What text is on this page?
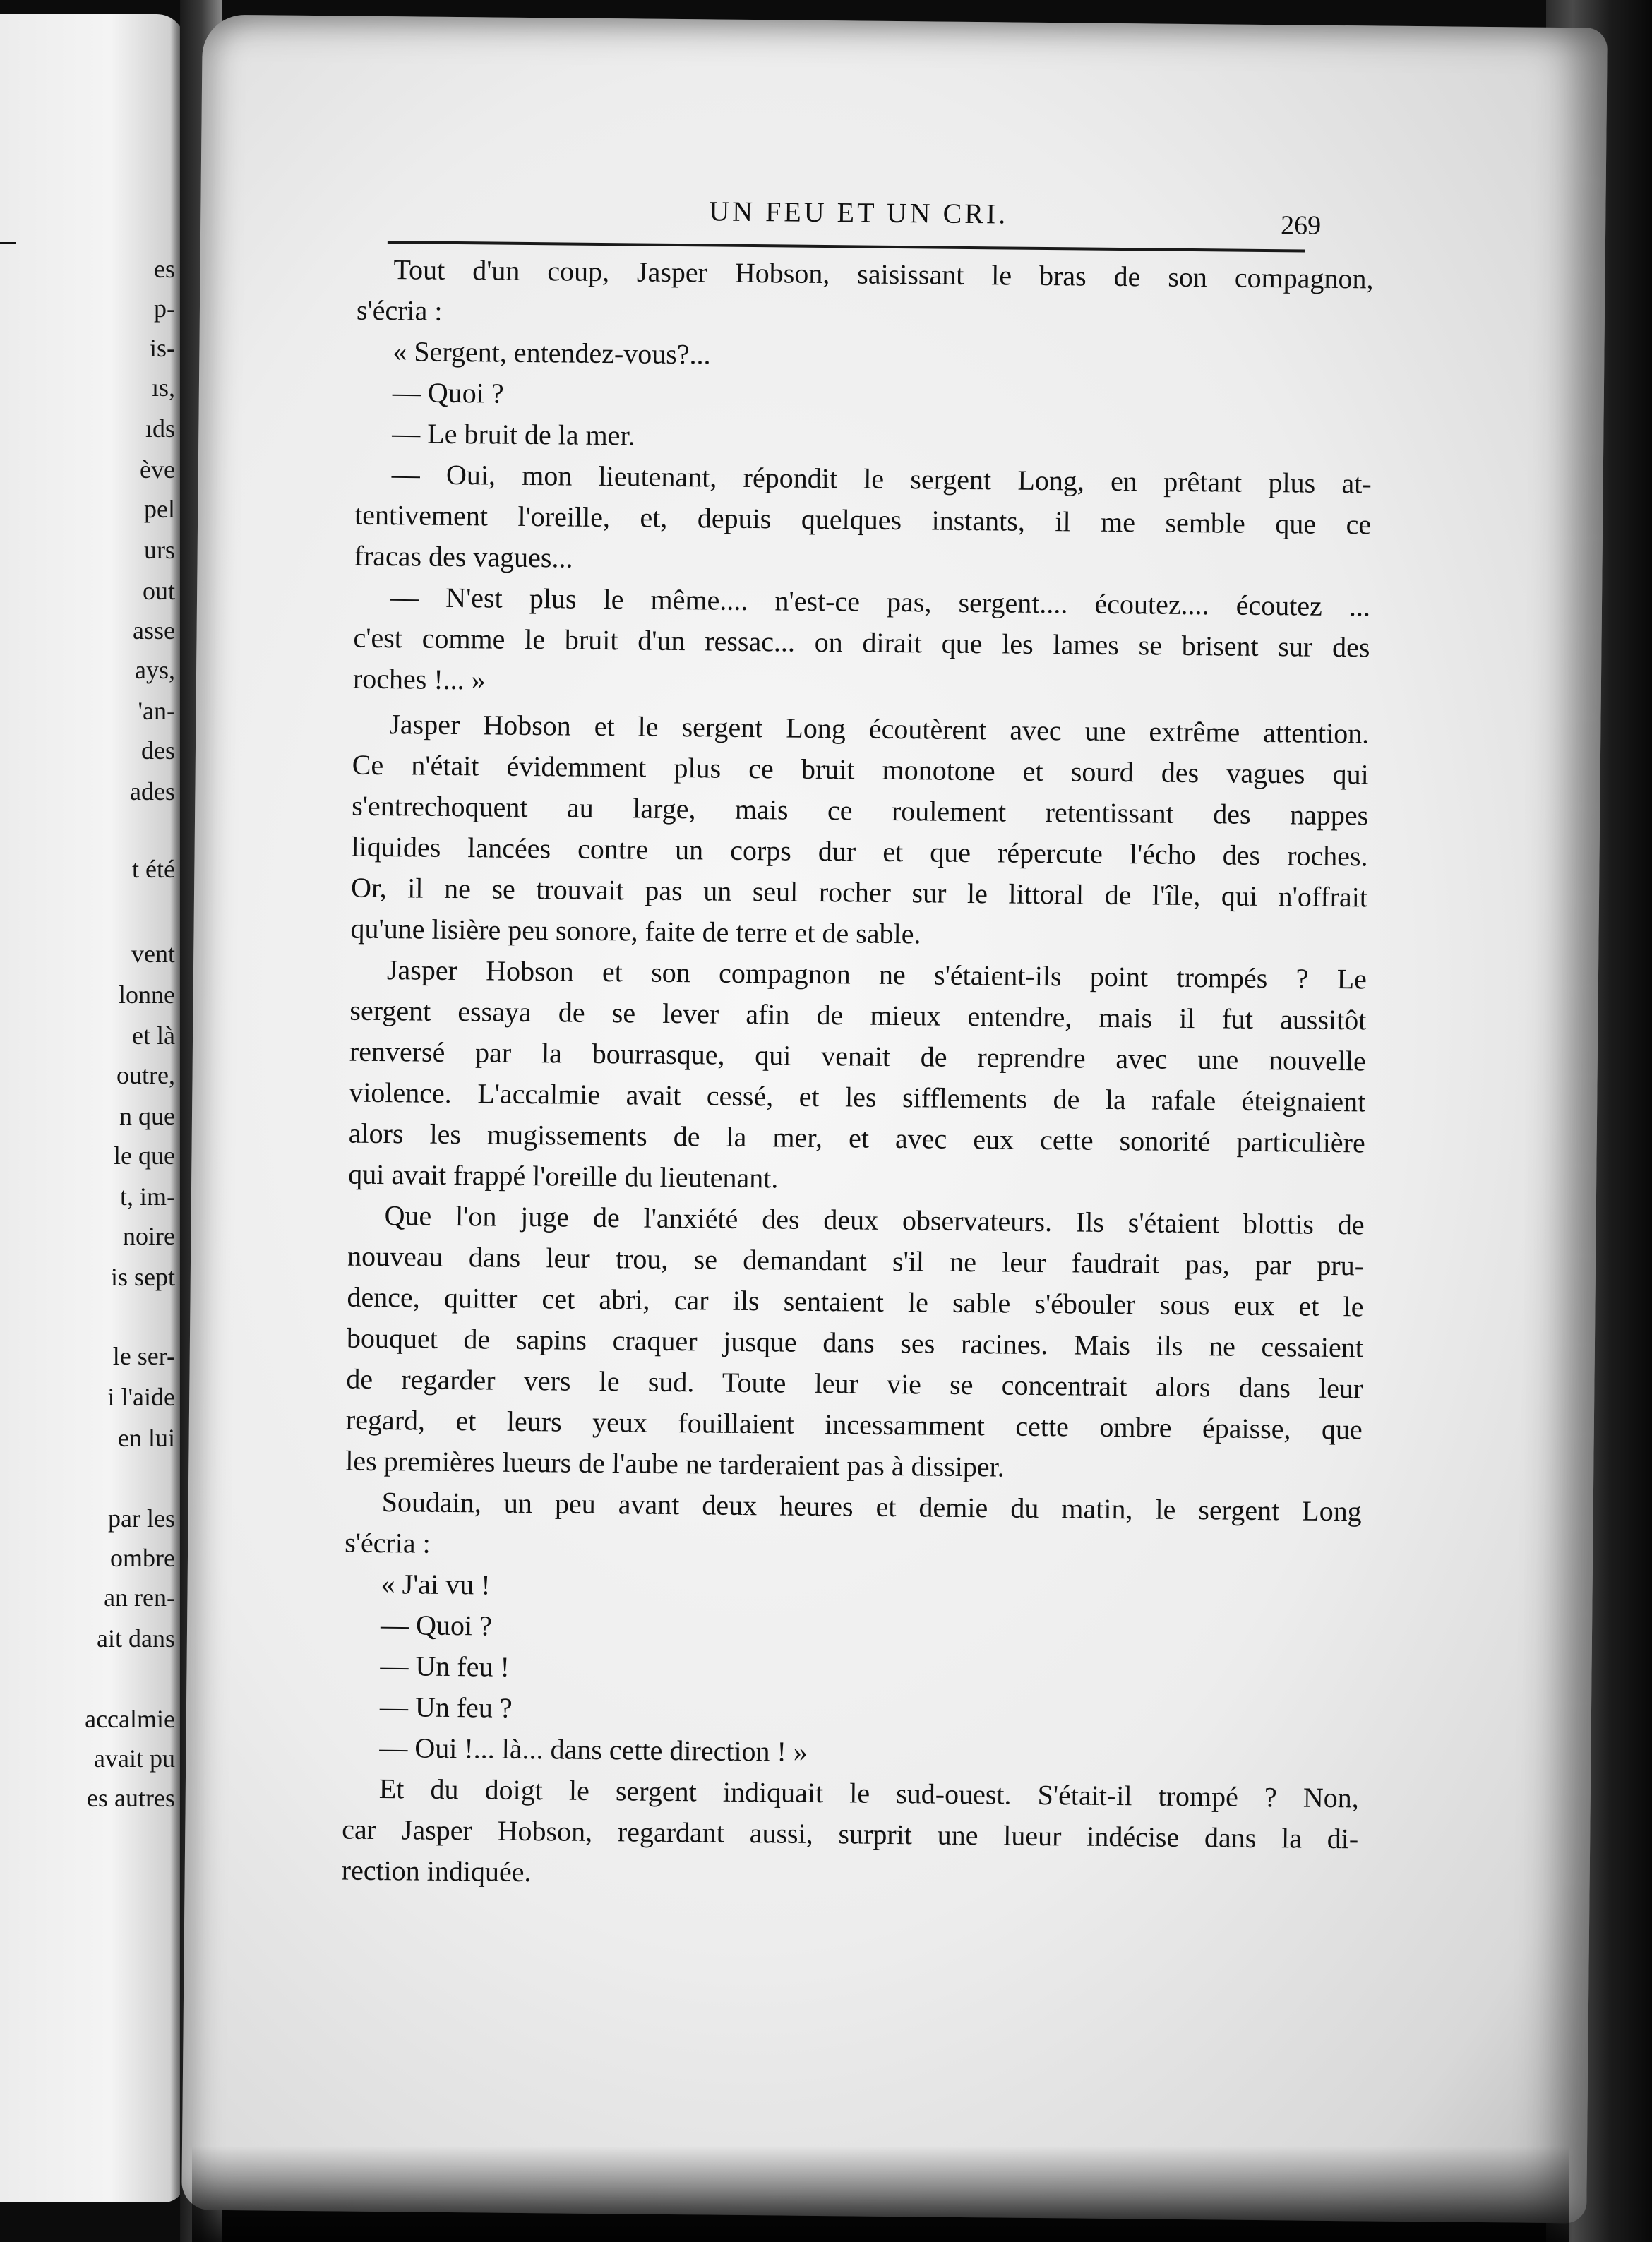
es
p-
is-
ıs,
ıds
ève
pel
urs
out
asse
ays,
'an-
des
ades
t été
vent
lonne
et là
outre,
n que
le que
t, im-
noire
is sept
le ser-
i l'aide
en lui
par les
ombre
an ren-
ait dans
accalmie
avait pu
es autres
UN FEU ET UN CRI.	269
Tout d'un coup, Jasper Hobson, saisissant le bras de son compagnon,
s'écria :
« Sergent, entendez-vous?...
— Quoi ?
— Le bruit de la mer.
— Oui, mon lieutenant, répondit le sergent Long, en prêtant plus at-
tentivement l'oreille, et, depuis quelques instants, il me semble que ce
fracas des vagues...
— N'est plus le même.... n'est-ce pas, sergent.... écoutez.... écoutez ...
c'est comme le bruit d'un ressac... on dirait que les lames se brisent sur des
roches !... »
Jasper Hobson et le sergent Long écoutèrent avec une extrême attention.
Ce n'était évidemment plus ce bruit monotone et sourd des vagues qui
s'entrechoquent au large, mais ce roulement retentissant des nappes
liquides lancées contre un corps dur et que répercute l'écho des roches.
Or, il ne se trouvait pas un seul rocher sur le littoral de l'île, qui n'offrait
qu'une lisière peu sonore, faite de terre et de sable.
Jasper Hobson et son compagnon ne s'étaient-ils point trompés ? Le
sergent essaya de se lever afin de mieux entendre, mais il fut aussitôt
renversé par la bourrasque, qui venait de reprendre avec une nouvelle
violence. L'accalmie avait cessé, et les sifflements de la rafale éteignaient
alors les mugissements de la mer, et avec eux cette sonorité particulière
qui avait frappé l'oreille du lieutenant.
Que l'on juge de l'anxiété des deux observateurs. Ils s'étaient blottis de
nouveau dans leur trou, se demandant s'il ne leur faudrait pas, par pru-
dence, quitter cet abri, car ils sentaient le sable s'ébouler sous eux et le
bouquet de sapins craquer jusque dans ses racines. Mais ils ne cessaient
de regarder vers le sud. Toute leur vie se concentrait alors dans leur
regard, et leurs yeux fouillaient incessamment cette ombre épaisse, que
les premières lueurs de l'aube ne tarderaient pas à dissiper.
Soudain, un peu avant deux heures et demie du matin, le sergent Long
s'écria :
« J'ai vu !
— Quoi ?
— Un feu !
— Un feu ?
— Oui !... là... dans cette direction ! »
Et du doigt le sergent indiquait le sud-ouest. S'était-il trompé ? Non,
car Jasper Hobson, regardant aussi, surprit une lueur indécise dans la di-
rection indiquée.
